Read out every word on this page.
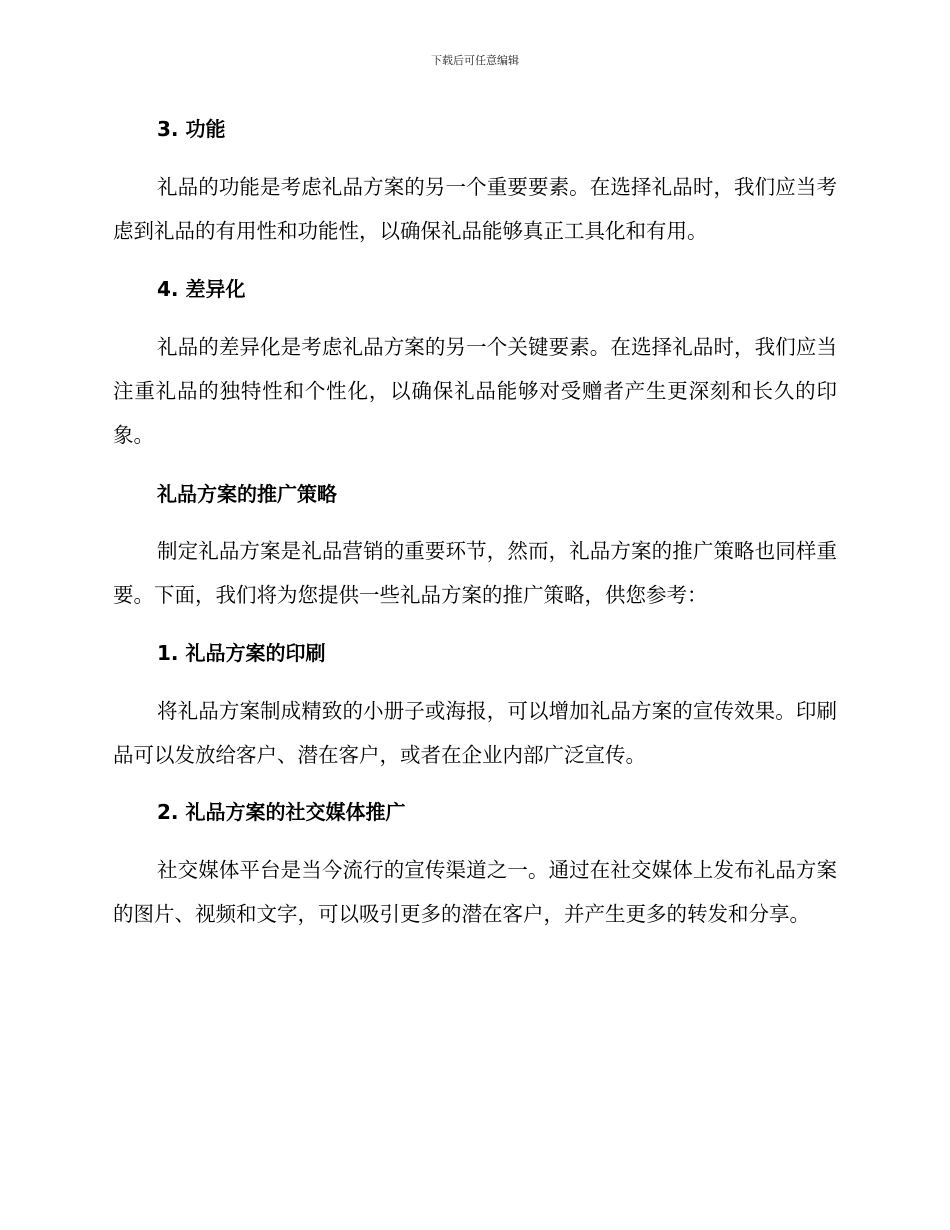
下载后可任意编辑
3. 功能
礼品的功能是考虑礼品方案的另一个重要要素。在选择礼品时，我们应当考虑到礼品的有用性和功能性，以确保礼品能够真正工具化和有用。
4. 差异化
礼品的差异化是考虑礼品方案的另一个关键要素。在选择礼品时，我们应当注重礼品的独特性和个性化，以确保礼品能够对受赠者产生更深刻和长久的印象。
礼品方案的推广策略
制定礼品方案是礼品营销的重要环节，然而，礼品方案的推广策略也同样重要。下面，我们将为您提供一些礼品方案的推广策略，供您参考：
1. 礼品方案的印刷
将礼品方案制成精致的小册子或海报，可以增加礼品方案的宣传效果。印刷品可以发放给客户、潜在客户，或者在企业内部广泛宣传。
2. 礼品方案的社交媒体推广
社交媒体平台是当今流行的宣传渠道之一。通过在社交媒体上发布礼品方案的图片、视频和文字，可以吸引更多的潜在客户，并产生更多的转发和分享。
